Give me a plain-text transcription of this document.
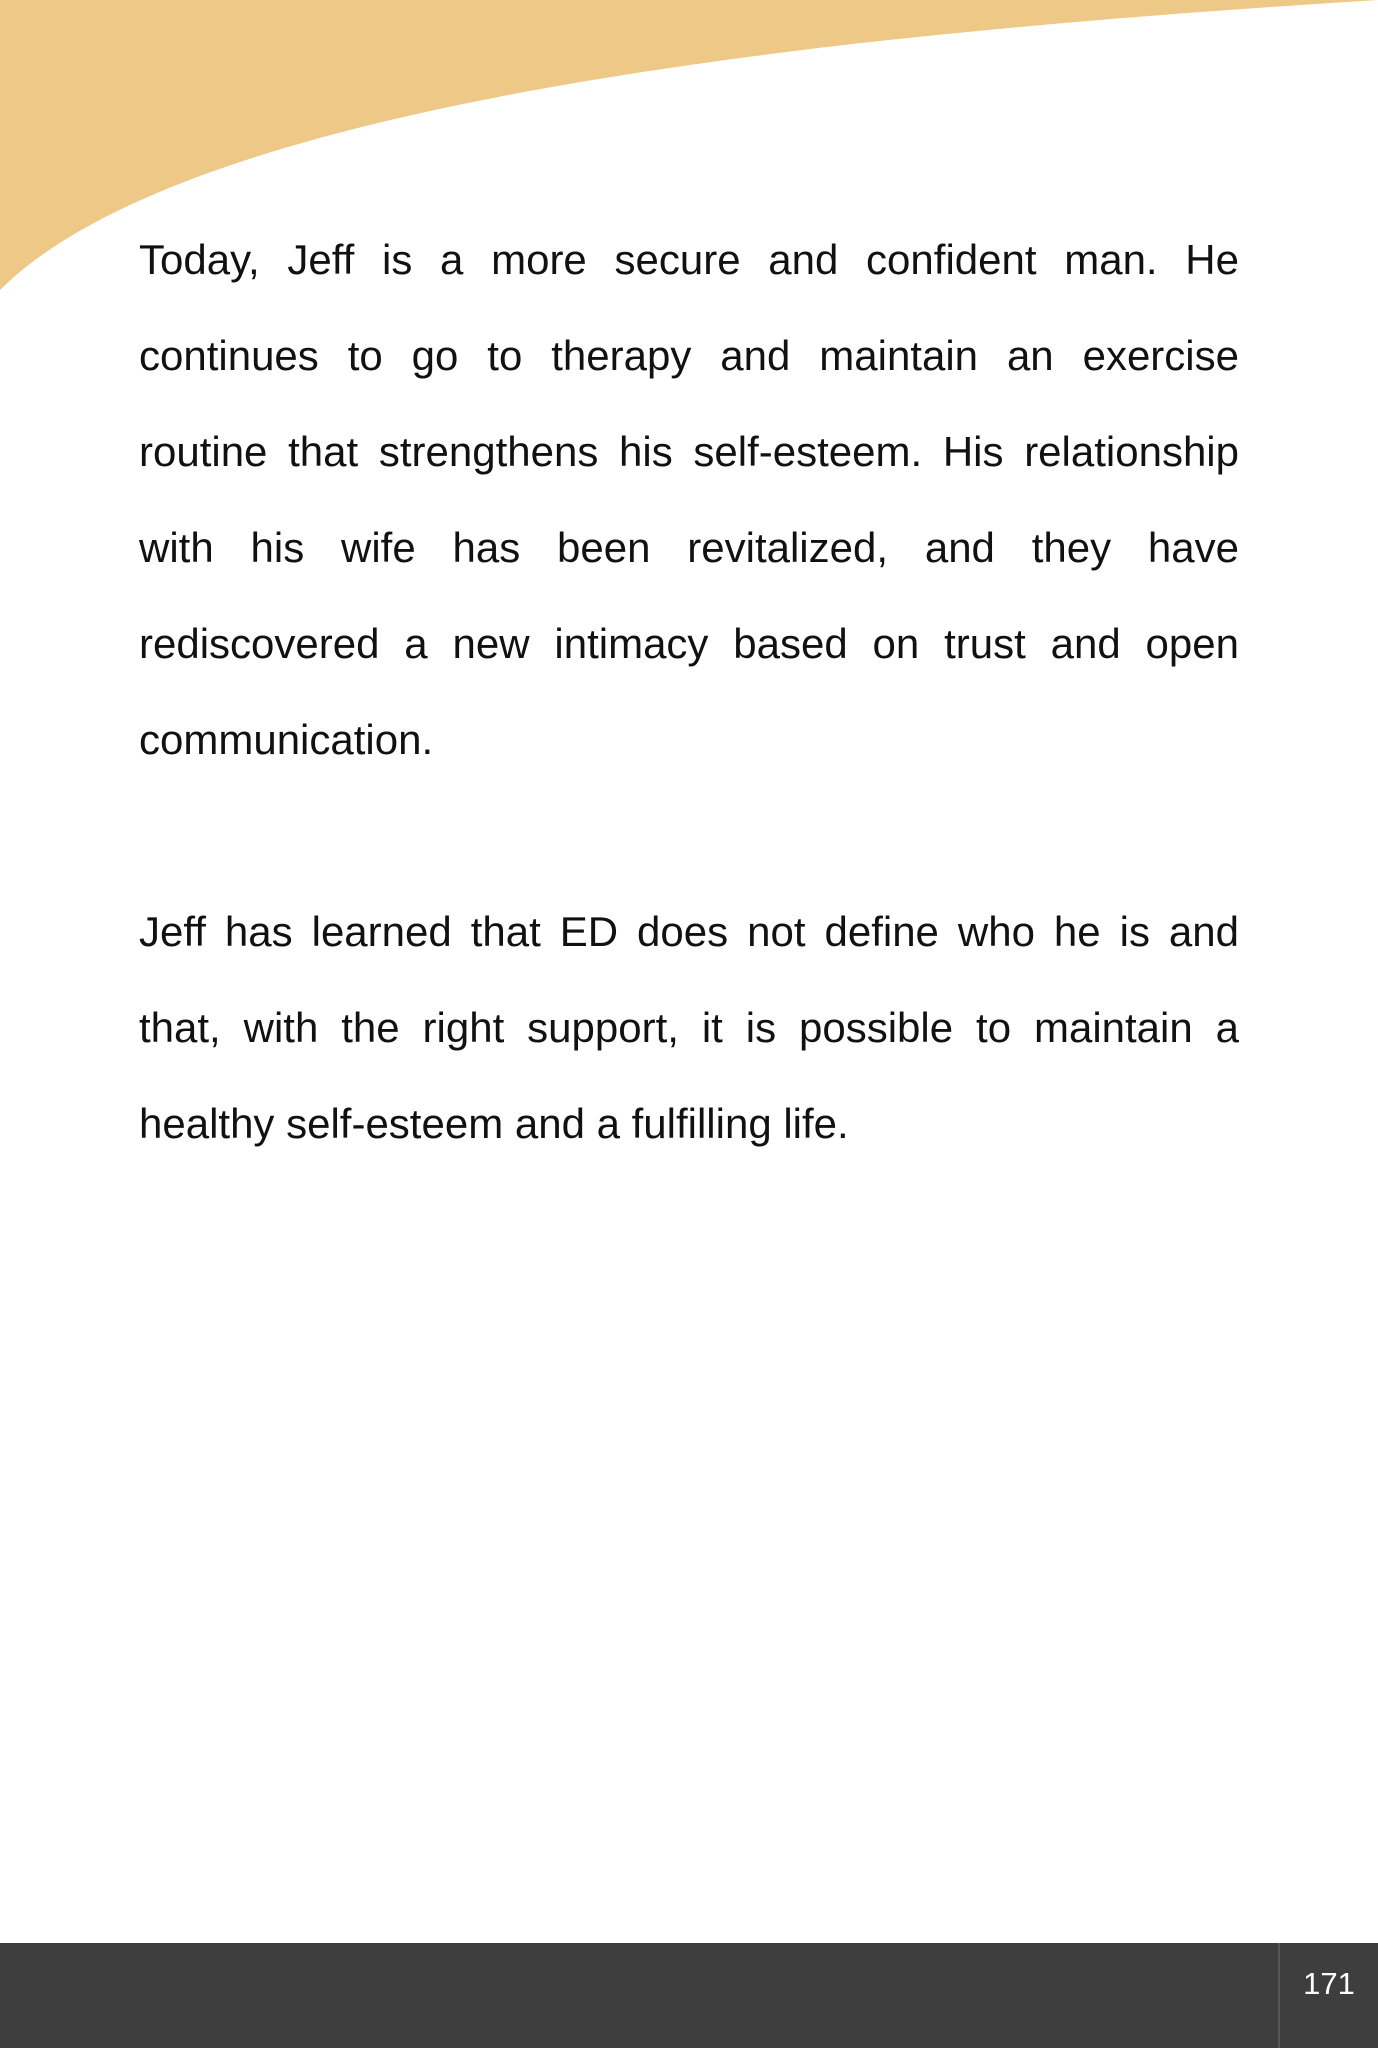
Today, Jeff is a more secure and confident man. He continues to go to therapy and maintain an exercise routine that strengthens his self-esteem. His relationship with his wife has been revitalized, and they have rediscovered a new intimacy based on trust and open communication.

Jeff has learned that ED does not define who he is and that, with the right support, it is possible to maintain a healthy self-esteem and a fulfilling life.

171
